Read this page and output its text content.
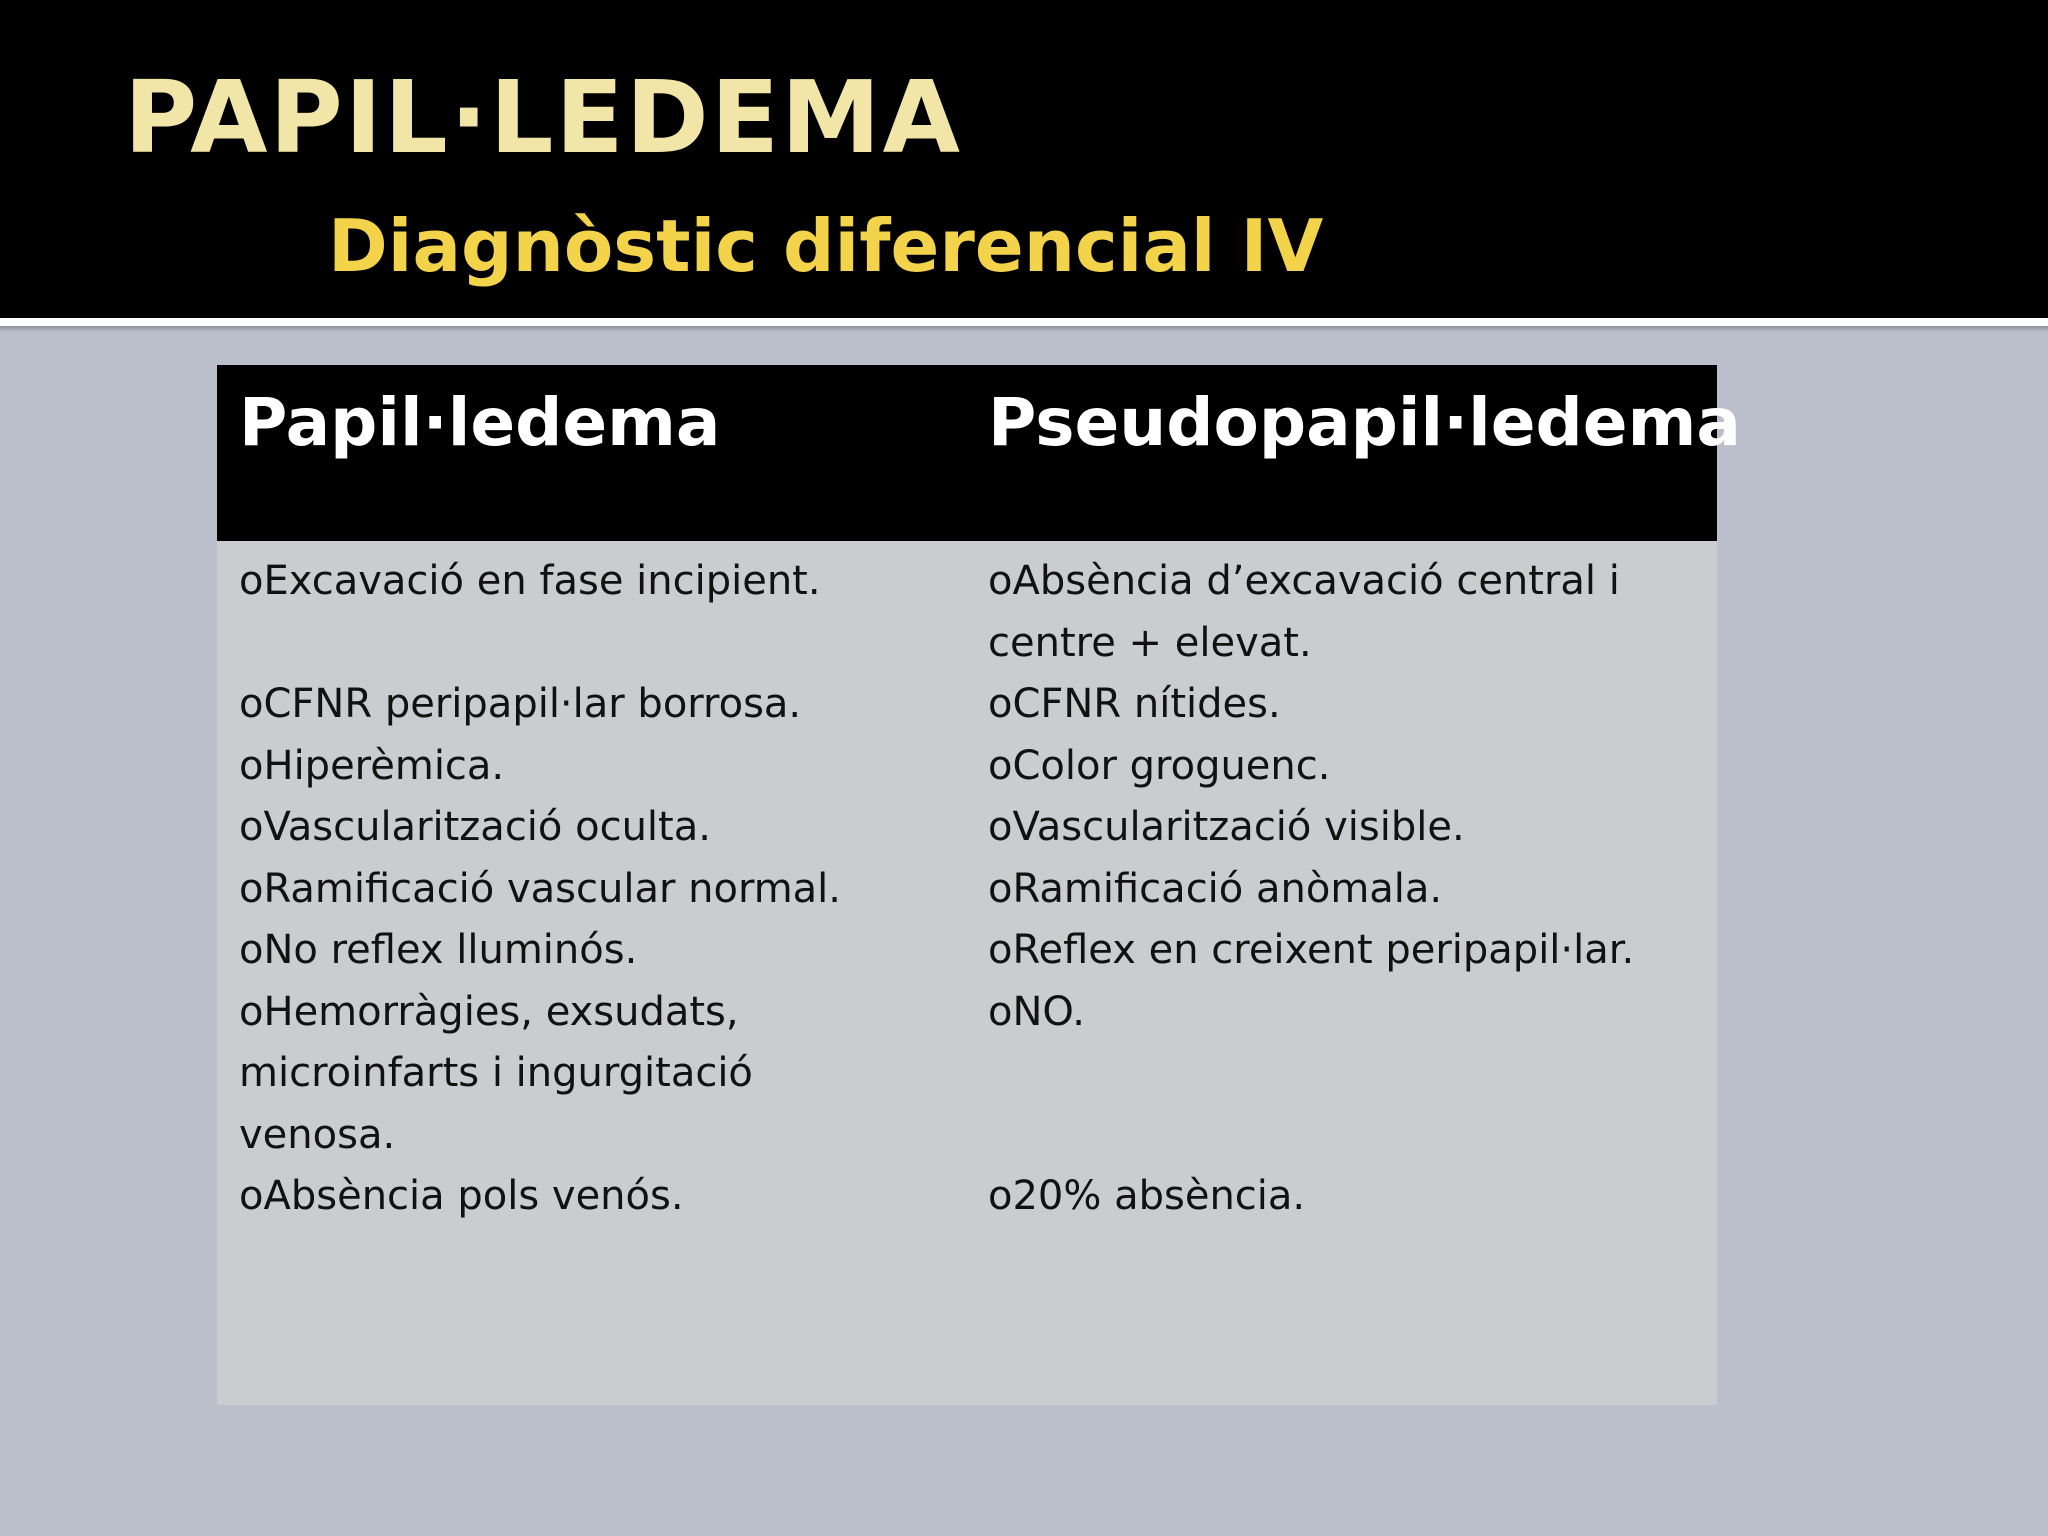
PAPIL·LEDEMA
Diagnòstic diferencial IV
Papil·ledema	Pseudopapil·ledema

oExcavació en fase incipient.

oCFNR peripapil·lar borrosa.

oHiperèmica.

oVascularització oculta.

oRamificació vascular normal.

oNo reflex lluminós.

oHemorràgies, exsudats, microinfarts i ingurgitació venosa.

oAbsència pols venós.

oAbsència d’excavació central i centre + elevat.

oCFNR nítides.

oColor groguenc.

oVascularització visible.

oRamificació anòmala.

oReflex en creixent peripapil·lar.

oNO.

o20% absència.
